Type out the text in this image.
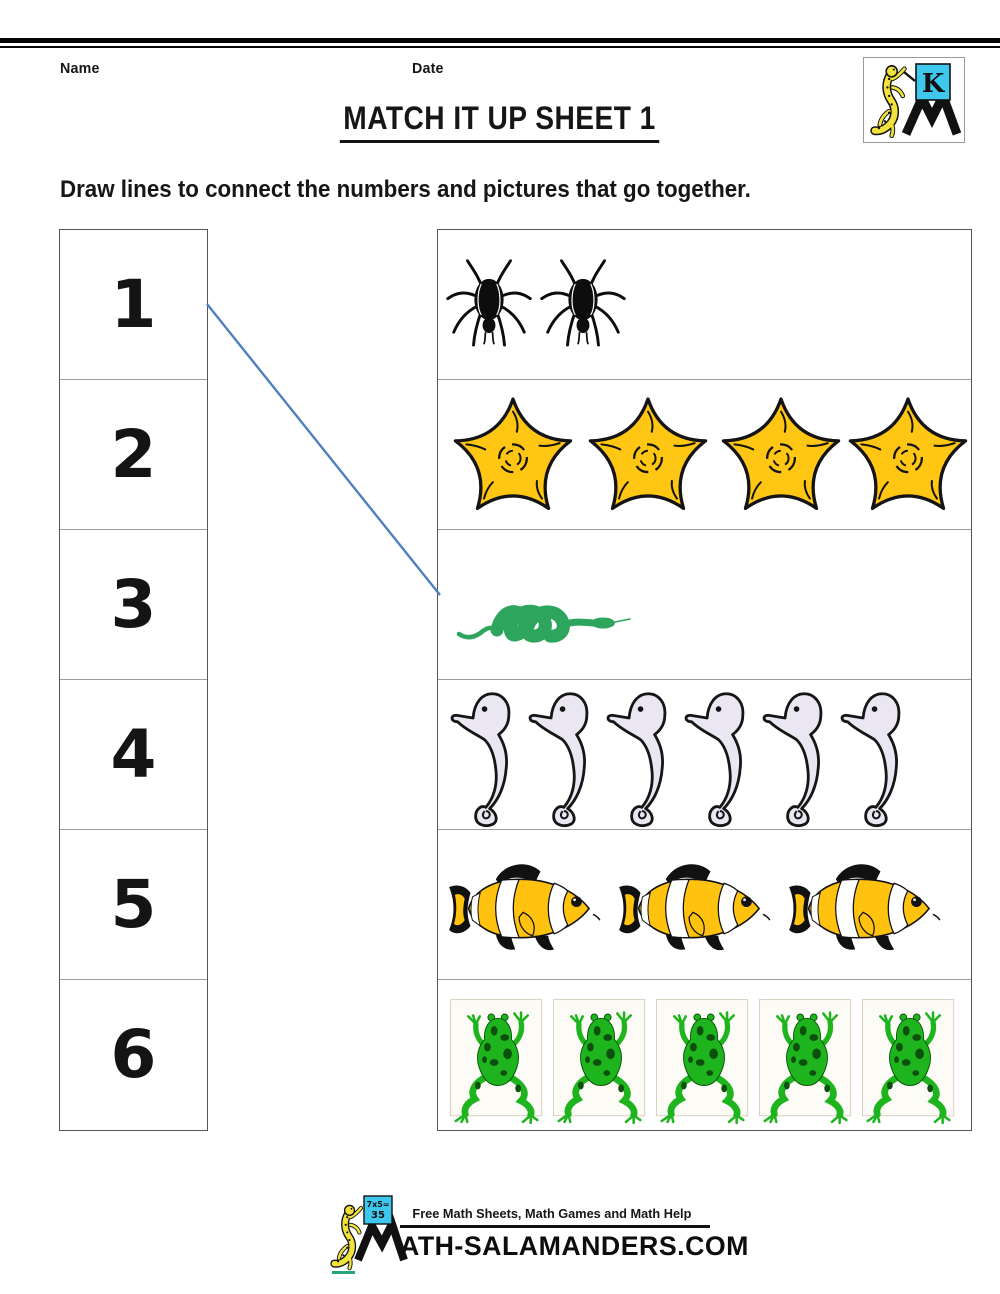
Name	Date
K
MATCH IT UP SHEET 1
Draw lines to connect the numbers and pictures that go together.
1
2
3
4
5
6
7x5=
35	Free Math Sheets, Math Games and Math Help
ATH-SALAMANDERS.COM
